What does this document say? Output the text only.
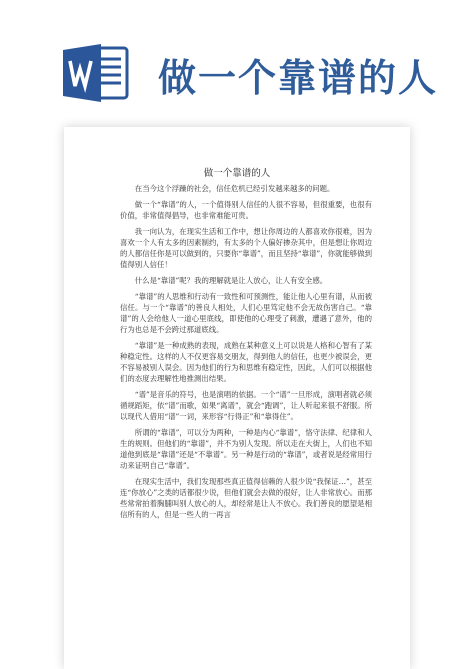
做一个靠谱的人
做一个靠谱的人

在当今这个浮躁的社会，信任危机已经引发越来越多的问题。

做一个“靠谱”的人，一个值得别人信任的人很不容易，但很重要，也很有价值，非常值得倡导，也非常难能可贵。

我一向认为，在现实生活和工作中，想让你周边的人都喜欢你很难，因为喜欢一个人有太多的因素制约，有太多的个人偏好掺杂其中，但是想让你周边的人都信任你是可以做到的，只要你“靠谱”，而且坚持“靠谱”，你就能够做到值得别人信任！

什么是“靠谱”呢？我的理解就是让人放心，让人有安全感。

“靠谱”的人思维和行动有一致性和可预测性，能让他人心里有谱，从而被信任。与一个“靠谱”的善良人相处，人们心里笃定他不会无故伤害自己。“靠谱”的人会给他人一道心里底线，即使他的心理受了刺激，遭遇了意外，他的行为也总是不会跨过那道底线。

“靠谱”是一种成熟的表现，成熟在某种意义上可以说是人格和心智有了某种稳定性。这样的人不仅更容易交朋友，得到他人的信任，也更少被误会，更不容易被别人误会。因为他们的行为和思维有稳定性，因此，人们可以根据他们的态度去理解性地推测出结果。

“谱”是音乐的符号，也是演唱的依据。一个“谱”一旦形成，演唱者就必须循规蹈矩，依“谱”而歌，如果“离谱”，就会“跑调”，让人听起来很不舒服。所以现代人借用“谱”一词，来形容“行得正”和“靠得住”。

所谓的“靠谱”，可以分为两种，一种是内心“靠谱”，恪守法律、纪律和人生的规则。但他们的“靠谱”，并不为别人发现。所以走在大街上，人们也不知道他到底是“靠谱”还是“不靠谱”。另一种是行动的“靠谱”，或者说是经常用行动来证明自己“靠谱”。

在现实生活中，我们发现那些真正值得信赖的人很少说“我保证…”，甚至连“你放心”之类的话都很少说，但他们就会去做的很好，让人非常放心。而那些常常拍着胸脯叫别人放心的人，却经常是让人不放心。我们善良的愿望是相信所有的人，但是一些人的一再言
